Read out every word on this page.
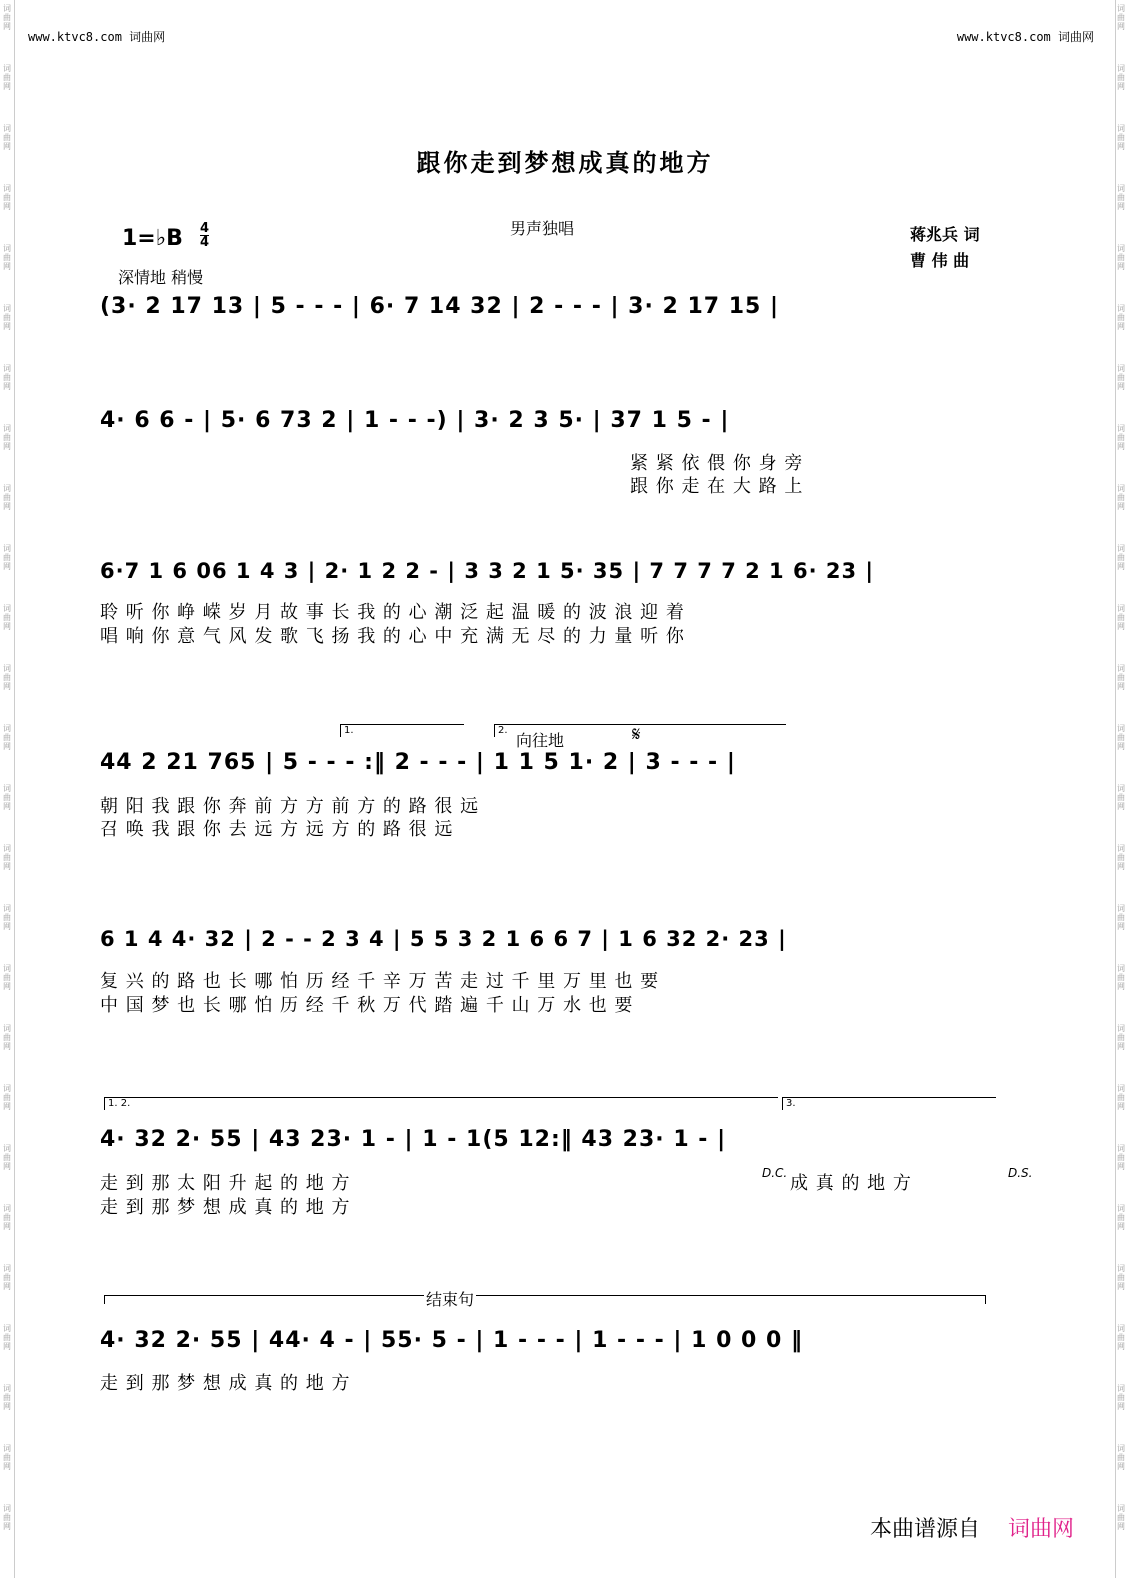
词
曲
网
词
曲
网
词
曲
网
词
曲
网
词
曲
网
词
曲
网
词
曲
网
词
曲
网
词
曲
网
词
曲
网
词
曲
网
词
曲
网
词
曲
网
词
曲
网
词
曲
网
词
曲
网
词
曲
网
词
曲
网
词
曲
网
词
曲
网
词
曲
网
词
曲
网
词
曲
网
词
曲
网
词
曲
网
词
曲
网
词
曲
网
词
曲
网
词
曲
网
词
曲
网
词
曲
网
词
曲
网
词
曲
网
词
曲
网
词
曲
网
词
曲
网
词
曲
网
词
曲
网
词
曲
网
词
曲
网
词
曲
网
词
曲
网
词
曲
网
词
曲
网
词
曲
网
词
曲
网
词
曲
网
词
曲
网
词
曲
网
词
曲
网
词
曲
网
词
曲
网
www.ktvc8.com 词曲网	www.ktvc8.com 词曲网
跟你走到梦想成真的地方
男声独唱
1=♭B 4
4
深情地 稍慢
蒋兆兵 词
曹 伟 曲
(3· 2 17 13 | 5 - - - | 6· 7 14 32 | 2 - - - | 3· 2 17 15 |
4· 6 6 - | 5· 6 73 2 | 1 - - -) | 3· 2 3 5· | 37 1 5 - |
紧 紧 依 偎 你 身 旁
跟 你 走 在 大 路 上
6·7 1 6 06 1 4 3 | 2· 1 2 2 - | 3 3 2 1 5· 35 | 7 7 7 7 2 1 6· 23 |
聆 听 你 峥 嵘 岁 月 故 事 长 我 的 心 潮 泛 起 温 暖 的 波 浪 迎 着
唱 响 你 意 气 风 发 歌 飞 扬 我 的 心 中 充 满 无 尽 的 力 量 听 你
1.	2.
向往地	𝄋
44 2 21 765 | 5 - - - :‖ 2 - - - | 1 1 5 1· 2 | 3 - - - |
朝 阳 我 跟 你 奔 前 方 方 前 方 的 路 很 远
召 唤 我 跟 你 去 远 方 远 方 的 路 很 远
6 1 4 4· 32 | 2 - - 2 3 4 | 5 5 3 2 1 6 6 7 | 1 6 32 2· 23 |
复 兴 的 路 也 长 哪 怕 历 经 千 辛 万 苦 走 过 千 里 万 里 也 要
中 国 梦 也 长 哪 怕 历 经 千 秋 万 代 踏 遍 千 山 万 水 也 要
1. 2.	3.
4· 32 2· 55 | 43 23· 1 - | 1 - 1(5 12:‖ 43 23· 1 - |
D.C.	D.S.
走 到 那 太 阳 升 起 的 地 方
走 到 那 梦 想 成 真 的 地 方
成 真 的 地 方
结束句
4· 32 2· 55 | 44· 4 - | 55· 5 - | 1 - - - | 1 - - - | 1 0 0 0 ‖
走 到 那 梦 想 成 真 的 地 方
本曲谱源自 词曲网
